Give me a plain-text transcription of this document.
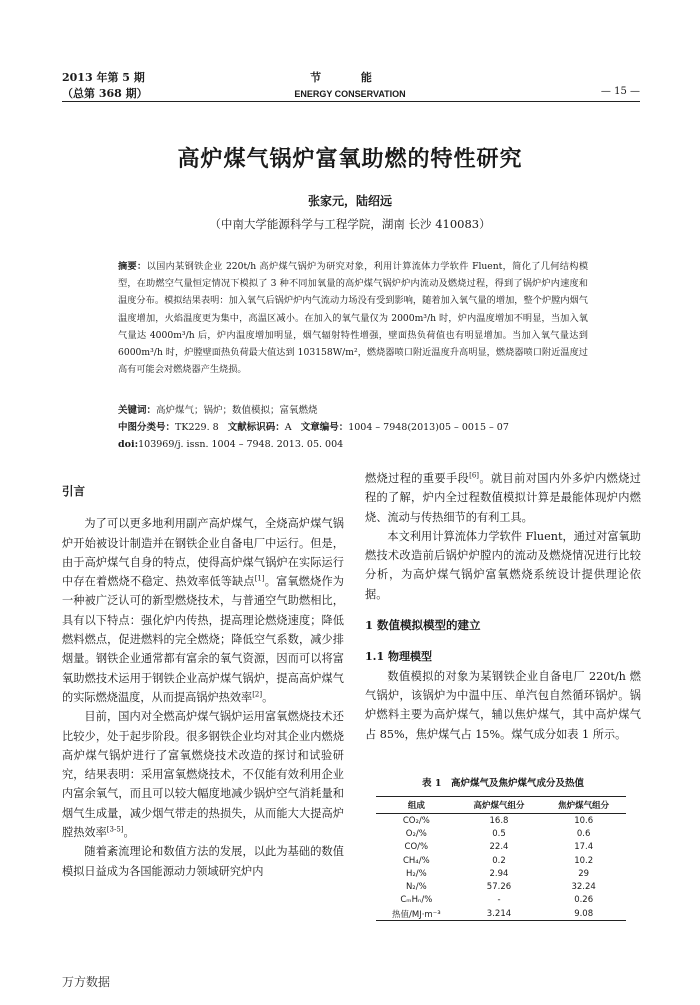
2013 年第 5 期
（总第 368 期）
节 能
ENERGY CONSERVATION	— 15 —
高炉煤气锅炉富氧助燃的特性研究
张家元，陆绍远
（中南大学能源科学与工程学院，湖南 长沙 410083）
摘要：以国内某钢铁企业 220t/h 高炉煤气锅炉为研究对象，利用计算流体力学软件 Fluent，简化了几何结构模型，在助燃空气量恒定情况下模拟了 3 种不同加氧量的高炉煤气锅炉炉内流动及燃烧过程，得到了锅炉炉内速度和温度分布。模拟结果表明：加入氧气后锅炉炉内气流动力场没有受到影响，随着加入氧气量的增加，整个炉膛内烟气温度增加，火焰温度更为集中，高温区减小。在加入的氧气量仅为 2000m³/h 时，炉内温度增加不明显，当加入氧气量达 4000m³/h 后，炉内温度增加明显，烟气辐射特性增强，壁面热负荷值也有明显增加。当加入氧气量达到 6000m³/h 时，炉膛壁面热负荷最大值达到 103158W/m²，燃烧器喷口附近温度升高明显，燃烧器喷口附近温度过高有可能会对燃烧器产生烧损。
关键词：高炉煤气；锅炉；数值模拟；富氧燃烧
中图分类号：TK229. 8 文献标识码：A 文章编号：1004 – 7948(2013)05 – 0015 – 07
doi:103969/j. issn. 1004 – 7948. 2013. 05. 004
引言

为了可以更多地利用副产高炉煤气，全烧高炉煤气锅炉开始被设计制造并在钢铁企业自备电厂中运行。但是，由于高炉煤气自身的特点，使得高炉煤气锅炉在实际运行中存在着燃烧不稳定、热效率低等缺点[1]。富氧燃烧作为一种被广泛认可的新型燃烧技术，与普通空气助燃相比，具有以下特点：强化炉内传热，提高理论燃烧速度；降低燃料燃点，促进燃料的完全燃烧；降低空气系数，减少排烟量。钢铁企业通常都有富余的氧气资源，因而可以将富氧助燃技术运用于钢铁企业高炉煤气锅炉，提高高炉煤气的实际燃烧温度，从而提高锅炉热效率[2]。

目前，国内对全燃高炉煤气锅炉运用富氧燃烧技术还比较少，处于起步阶段。很多钢铁企业均对其企业内燃烧高炉煤气锅炉进行了富氧燃烧技术改造的探讨和试验研究，结果表明：采用富氧燃烧技术，不仅能有效利用企业内富余氧气，而且可以较大幅度地减少锅炉空气消耗量和烟气生成量，减少烟气带走的热损失，从而能大大提高炉膛热效率[3-5]。

随着紊流理论和数值方法的发展，以此为基础的数值模拟日益成为各国能源动力领域研究炉内

燃烧过程的重要手段[6]。就目前对国内外多炉内燃烧过程的了解，炉内全过程数值模拟计算是最能体现炉内燃烧、流动与传热细节的有利工具。

本文利用计算流体力学软件 Fluent，通过对富氧助燃技术改造前后锅炉炉膛内的流动及燃烧情况进行比较分析，为高炉煤气锅炉富氧燃烧系统设计提供理论依据。

1 数值模拟模型的建立
1.1 物理模型

数值模拟的对象为某钢铁企业自备电厂 220t/h 燃气锅炉，该锅炉为中温中压、单汽包自然循环锅炉。锅炉燃料主要为高炉煤气，辅以焦炉煤气，其中高炉煤气占 85%，焦炉煤气占 15%。煤气成分如表 1 所示。

表 1　高炉煤气及焦炉煤气成分及热值
组成	高炉煤气组分	焦炉煤气组分
CO₂/%	16.8	10.6
O₂/%	0.5	0.6
CO/%	22.4	17.4
CH₄/%	0.2	10.2
H₂/%	2.94	29
N₂/%	57.26	32.24
CₘHₙ/%	-	0.26
热值/MJ·m⁻³	3.214	9.08
万方数据
